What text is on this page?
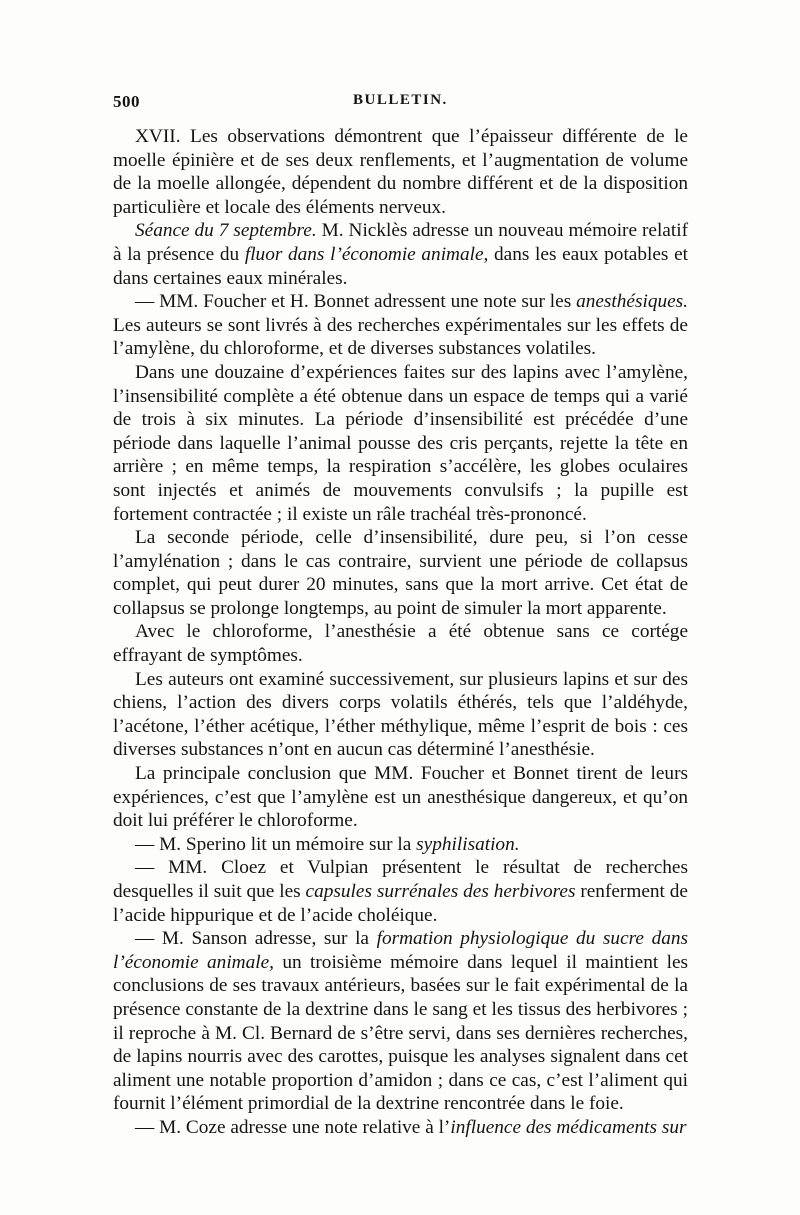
500	BULLETIN.

XVII. Les observations démontrent que l’épaisseur différente de le moelle épinière et de ses deux renflements, et l’augmentation de volume de la moelle allongée, dépendent du nombre différent et de la disposition particulière et locale des éléments nerveux.

Séance du 7 septembre. M. Nicklès adresse un nouveau mémoire relatif à la présence du fluor dans l’économie animale, dans les eaux potables et dans certaines eaux minérales.

— MM. Foucher et H. Bonnet adressent une note sur les anesthésiques. Les auteurs se sont livrés à des recherches expérimentales sur les effets de l’amylène, du chloroforme, et de diverses substances volatiles.

Dans une douzaine d’expériences faites sur des lapins avec l’amylène, l’insensibilité complète a été obtenue dans un espace de temps qui a varié de trois à six minutes. La période d’insensibilité est précédée d’une période dans laquelle l’animal pousse des cris perçants, rejette la tête en arrière ; en même temps, la respiration s’accélère, les globes oculaires sont injectés et animés de mouvements convulsifs ; la pupille est fortement contractée ; il existe un râle trachéal très-prononcé.

La seconde période, celle d’insensibilité, dure peu, si l’on cesse l’amylénation ; dans le cas contraire, survient une période de collapsus complet, qui peut durer 20 minutes, sans que la mort arrive. Cet état de collapsus se prolonge longtemps, au point de simuler la mort apparente.

Avec le chloroforme, l’anesthésie a été obtenue sans ce cortége effrayant de symptômes.

Les auteurs ont examiné successivement, sur plusieurs lapins et sur des chiens, l’action des divers corps volatils éthérés, tels que l’aldéhyde, l’acétone, l’éther acétique, l’éther méthylique, même l’esprit de bois : ces diverses substances n’ont en aucun cas déterminé l’anesthésie.

La principale conclusion que MM. Foucher et Bonnet tirent de leurs expériences, c’est que l’amylène est un anesthésique dangereux, et qu’on doit lui préférer le chloroforme.

— M. Sperino lit un mémoire sur la syphilisation.

— MM. Cloez et Vulpian présentent le résultat de recherches desquelles il suit que les capsules surrénales des herbivores renferment de l’acide hippurique et de l’acide choléique.

— M. Sanson adresse, sur la formation physiologique du sucre dans l’économie animale, un troisième mémoire dans lequel il maintient les conclusions de ses travaux antérieurs, basées sur le fait expérimental de la présence constante de la dextrine dans le sang et les tissus des herbivores ; il reproche à M. Cl. Bernard de s’être servi, dans ses dernières recherches, de lapins nourris avec des carottes, puisque les analyses signalent dans cet aliment une notable proportion d’amidon ; dans ce cas, c’est l’aliment qui fournit l’élément primordial de la dextrine rencontrée dans le foie.

— M. Coze adresse une note relative à l’influence des médicaments sur
